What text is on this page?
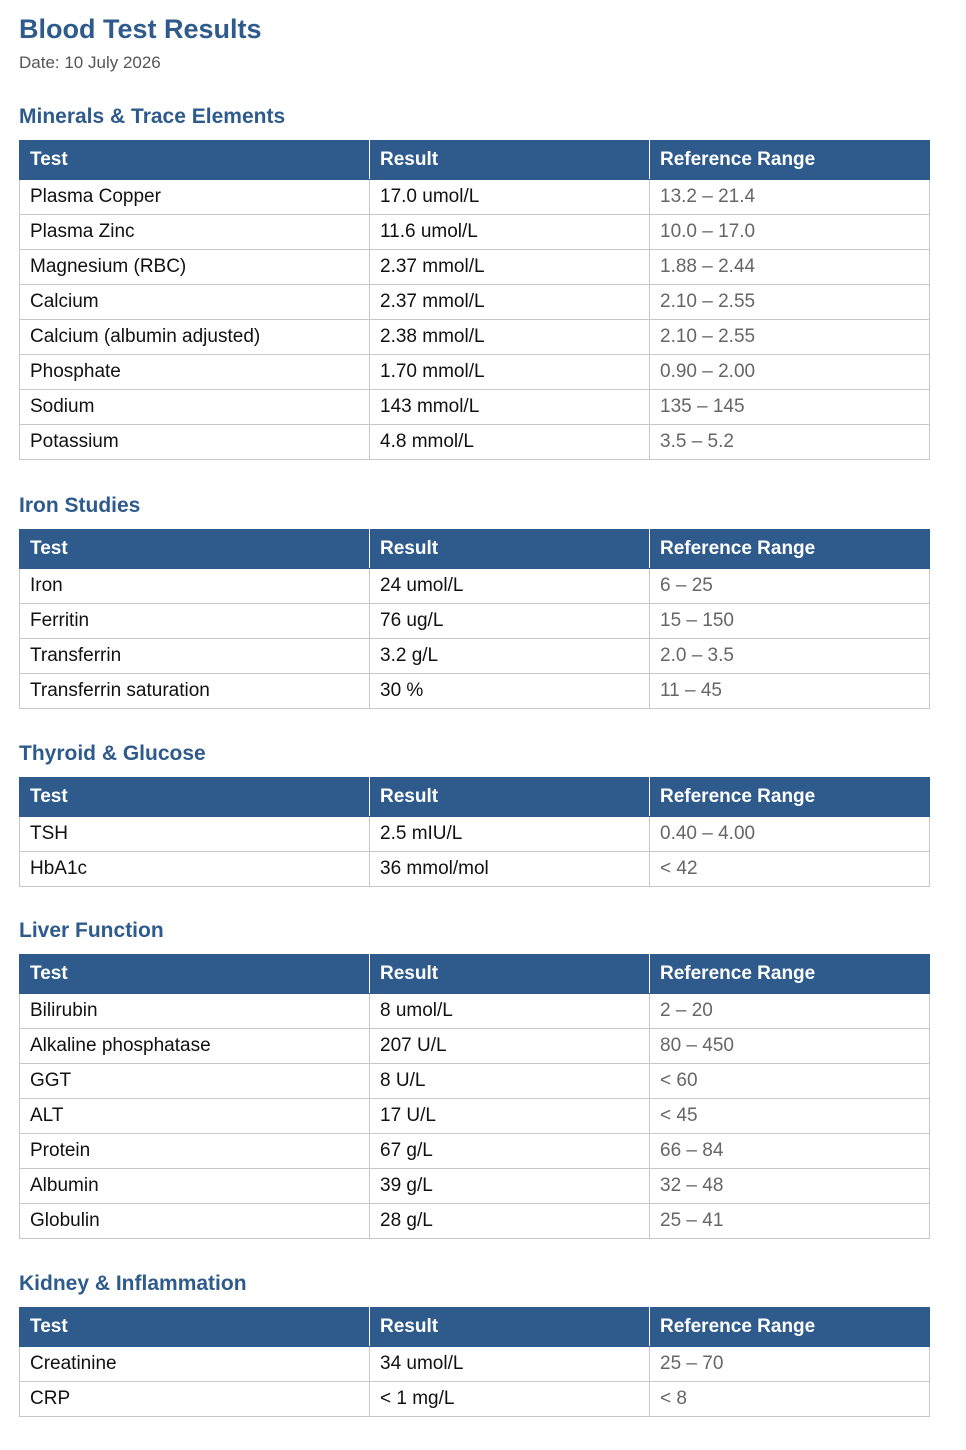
Blood Test Results
Date: 10 July 2026
Minerals & Trace Elements
Test	Result	Reference Range
Plasma Copper	17.0 umol/L	13.2 – 21.4
Plasma Zinc	11.6 umol/L	10.0 – 17.0
Magnesium (RBC)	2.37 mmol/L	1.88 – 2.44
Calcium	2.37 mmol/L	2.10 – 2.55
Calcium (albumin adjusted)	2.38 mmol/L	2.10 – 2.55
Phosphate	1.70 mmol/L	0.90 – 2.00
Sodium	143 mmol/L	135 – 145
Potassium	4.8 mmol/L	3.5 – 5.2
Iron Studies
Test	Result	Reference Range
Iron	24 umol/L	6 – 25
Ferritin	76 ug/L	15 – 150
Transferrin	3.2 g/L	2.0 – 3.5
Transferrin saturation	30 %	11 – 45
Thyroid & Glucose
Test	Result	Reference Range
TSH	2.5 mIU/L	0.40 – 4.00
HbA1c	36 mmol/mol	< 42
Liver Function
Test	Result	Reference Range
Bilirubin	8 umol/L	2 – 20
Alkaline phosphatase	207 U/L	80 – 450
GGT	8 U/L	< 60
ALT	17 U/L	< 45
Protein	67 g/L	66 – 84
Albumin	39 g/L	32 – 48
Globulin	28 g/L	25 – 41
Kidney & Inflammation
Test	Result	Reference Range
Creatinine	34 umol/L	25 – 70
CRP	< 1 mg/L	< 8
